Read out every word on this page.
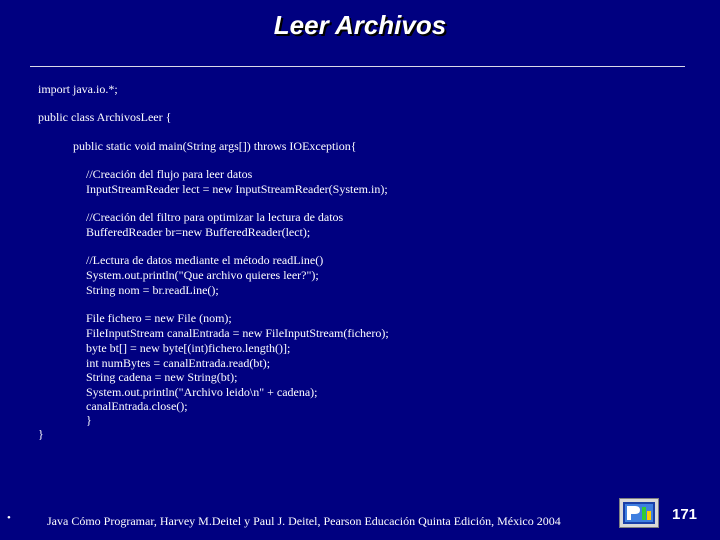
Leer Archivos
import java.io.*;
public class ArchivosLeer {
public static void main(String args[]) throws IOException{
//Creación del flujo para leer datos
InputStreamReader lect = new InputStreamReader(System.in);
//Creación del filtro para optimizar la lectura de datos
BufferedReader br=new BufferedReader(lect);
//Lectura de datos mediante el método readLine()
System.out.println("Que archivo quieres leer?");
String nom = br.readLine();
File fichero = new File (nom);
FileInputStream canalEntrada = new FileInputStream(fichero);
byte bt[] = new byte[(int)fichero.length()];
int numBytes = canalEntrada.read(bt);
String cadena = new String(bt);
System.out.println("Archivo leido\n" + cadena);
canalEntrada.close();
}
}
•	Java Cómo Programar, Harvey M.Deitel y Paul J. Deitel, Pearson Educación Quinta Edición, México 2004	171
